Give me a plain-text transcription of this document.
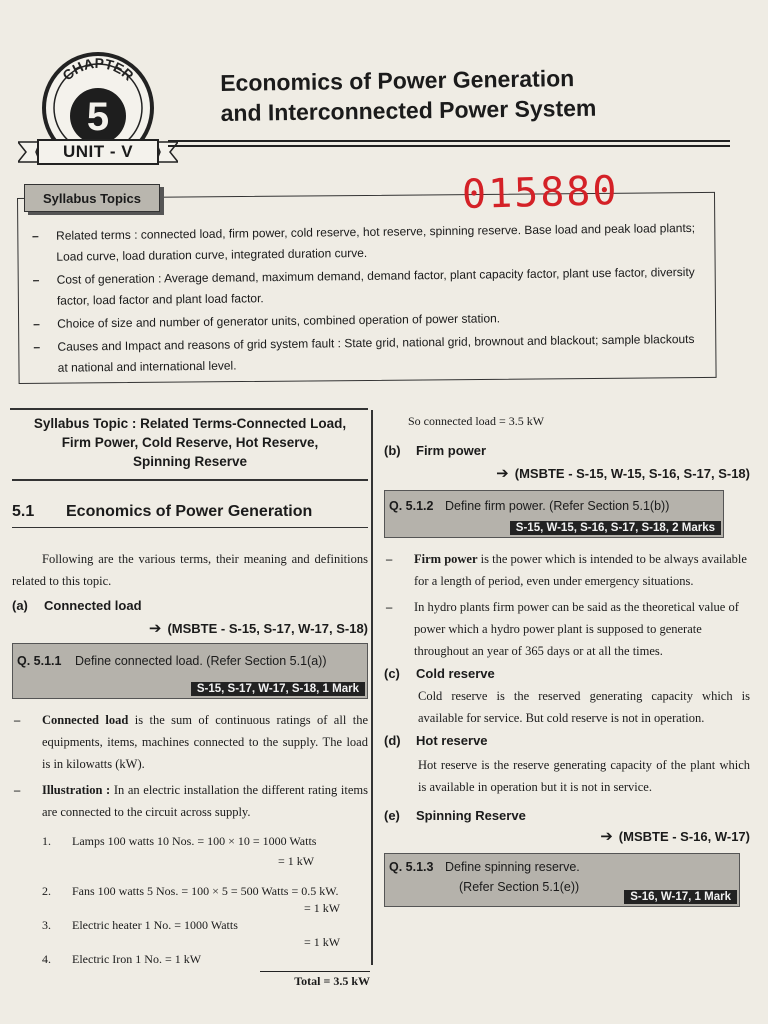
CHAPTER
5
UNIT - V
Economics of Power Generation
and Interconnected Power System
Syllabus Topics	015880
– Related terms : connected load, firm power, cold reserve, hot reserve, spinning reserve. Base load and peak load plants; Load curve, load duration curve, integrated duration curve.
– Cost of generation : Average demand, maximum demand, demand factor, plant capacity factor, plant use factor, diversity factor, load factor and plant load factor.
– Choice of size and number of generator units, combined operation of power station.
– Causes and Impact and reasons of grid system fault : State grid, national grid, brownout and blackout; sample blackouts at national and international level.
Syllabus Topic : Related Terms-Connected Load,
Firm Power, Cold Reserve, Hot Reserve,
Spinning Reserve
5.1	Economics of Power Generation

Following are the various terms, their meaning and definitions related to this topic.

(a)	Connected load
➔ (MSBTE - S-15, S-17, W-17, S-18)
Q. 5.1.1 Define connected load. (Refer Section 5.1(a))
S-15, S-17, W-17, S-18, 1 Mark

– Connected load is the sum of continuous ratings of all the equipments, items, machines connected to the supply. The load is in kilowatts (kW).

– Illustration : In an electric installation the different rating items are connected to the circuit across supply.

1.	Lamps 100 watts 10 Nos. = 100 × 10 = 1000 Watts
= 1 kW
2.	Fans 100 watts 5 Nos. = 100 × 5 = 500 Watts = 0.5 kW.
= 1 kW
3.	Electric heater 1 No. = 1000 Watts
= 1 kW
4.	Electric Iron 1 No. = 1 kW
Total = 3.5 kW
So connected load = 3.5 kW
(b)	Firm power
➔ (MSBTE - S-15, W-15, S-16, S-17, S-18)
Q. 5.1.2 Define firm power. (Refer Section 5.1(b))
S-15, W-15, S-16, S-17, S-18, 2 Marks

– Firm power is the power which is intended to be always available for a length of period, even under emergency situations.

– In hydro plants firm power can be said as the theoretical value of power which a hydro power plant is supposed to generate throughout an year of 365 days or at all the times.

(c)	Cold reserve

Cold reserve is the reserved generating capacity which is available for service. But cold reserve is not in operation.

(d)	Hot reserve

Hot reserve is the reserve generating capacity of the plant which is available in operation but it is not in service.

(e)	Spinning Reserve
➔ (MSBTE - S-16, W-17)
Q. 5.1.3 Define spinning reserve.
(Refer Section 5.1(e))
S-16, W-17, 1 Mark
